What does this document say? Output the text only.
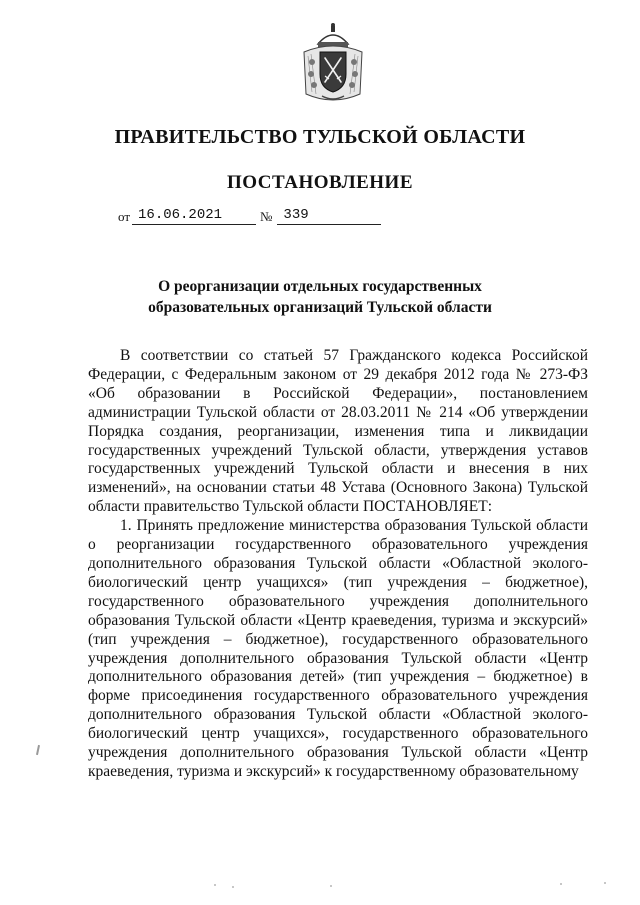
ПРАВИТЕЛЬСТВО ТУЛЬСКОЙ ОБЛАСТИ
ПОСТАНОВЛЕНИЕ
от 16.06.2021	№ 339
О реорганизации отдельных государственных образовательных организаций Тульской области

В соответствии со статьей 57 Гражданского кодекса Российской Федерации, с Федеральным законом от 29 декабря 2012 года № 273-ФЗ «Об образовании в Российской Федерации», постановлением администрации Тульской области от 28.03.2011 № 214 «Об утверждении Порядка создания, реорганизации, изменения типа и ликвидации государственных учреждений Тульской области, утверждения уставов государственных учреждений Тульской области и внесения в них изменений», на основании статьи 48 Устава (Основного Закона) Тульской области правительство Тульской области ПОСТАНОВЛЯЕТ:

1. Принять предложение министерства образования Тульской области о реорганизации государственного образовательного учреждения дополнительного образования Тульской области «Областной эколого-биологический центр учащихся» (тип учреждения – бюджетное), государственного образовательного учреждения дополнительного образования Тульской области «Центр краеведения, туризма и экскурсий» (тип учреждения – бюджетное), государственного образовательного учреждения дополнительного образования Тульской области «Центр дополнительного образования детей» (тип учреждения – бюджетное) в форме присоединения государственного образовательного учреждения дополнительного образования Тульской области «Областной эколого-биологический центр учащихся», государственного образовательного учреждения дополнительного образования Тульской области «Центр краеведения, туризма и экскурсий» к государственному образовательному
